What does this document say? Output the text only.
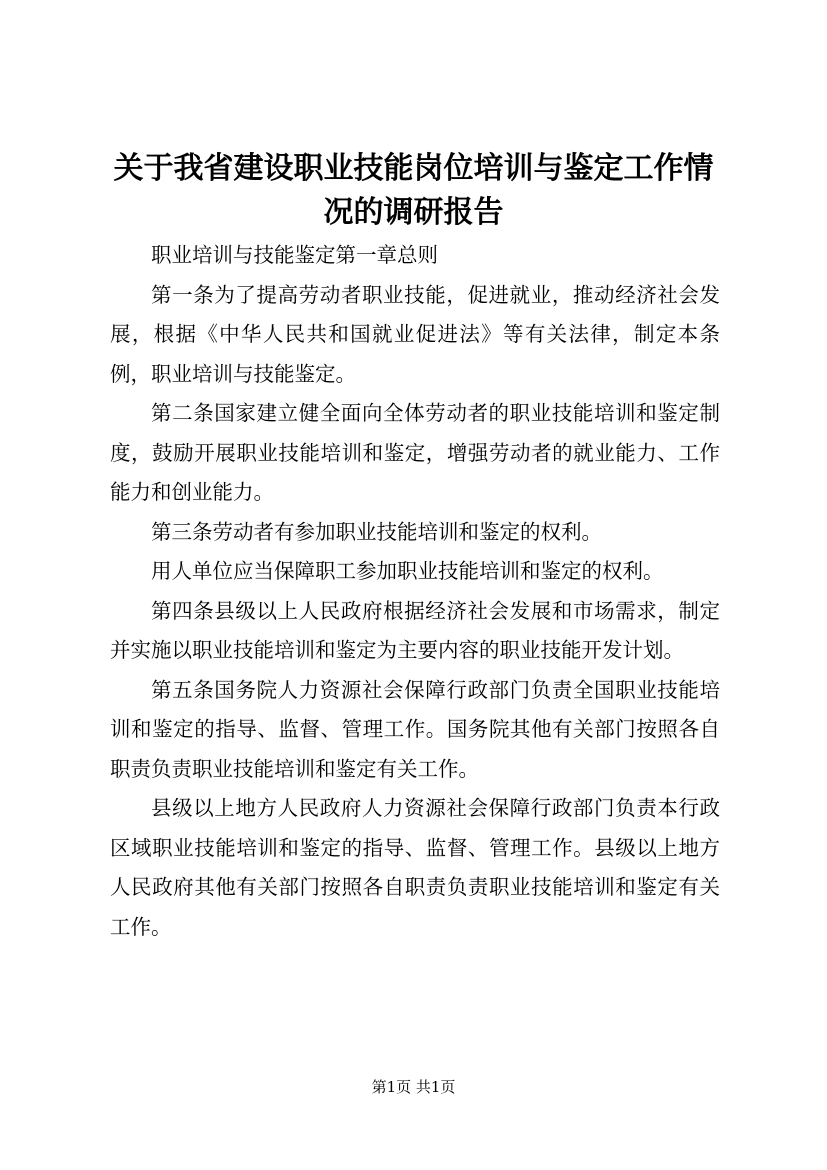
关于我省建设职业技能岗位培训与鉴定工作情况的调研报告

职业培训与技能鉴定第一章总则

第一条为了提高劳动者职业技能，促进就业，推动经济社会发展，根据《中华人民共和国就业促进法》等有关法律，制定本条例，职业培训与技能鉴定。

第二条国家建立健全面向全体劳动者的职业技能培训和鉴定制度，鼓励开展职业技能培训和鉴定，增强劳动者的就业能力、工作能力和创业能力。

第三条劳动者有参加职业技能培训和鉴定的权利。

用人单位应当保障职工参加职业技能培训和鉴定的权利。

第四条县级以上人民政府根据经济社会发展和市场需求，制定并实施以职业技能培训和鉴定为主要内容的职业技能开发计划。

第五条国务院人力资源社会保障行政部门负责全国职业技能培训和鉴定的指导、监督、管理工作。国务院其他有关部门按照各自职责负责职业技能培训和鉴定有关工作。

县级以上地方人民政府人力资源社会保障行政部门负责本行政区域职业技能培训和鉴定的指导、监督、管理工作。县级以上地方人民政府其他有关部门按照各自职责负责职业技能培训和鉴定有关工作。

第1页 共1页
